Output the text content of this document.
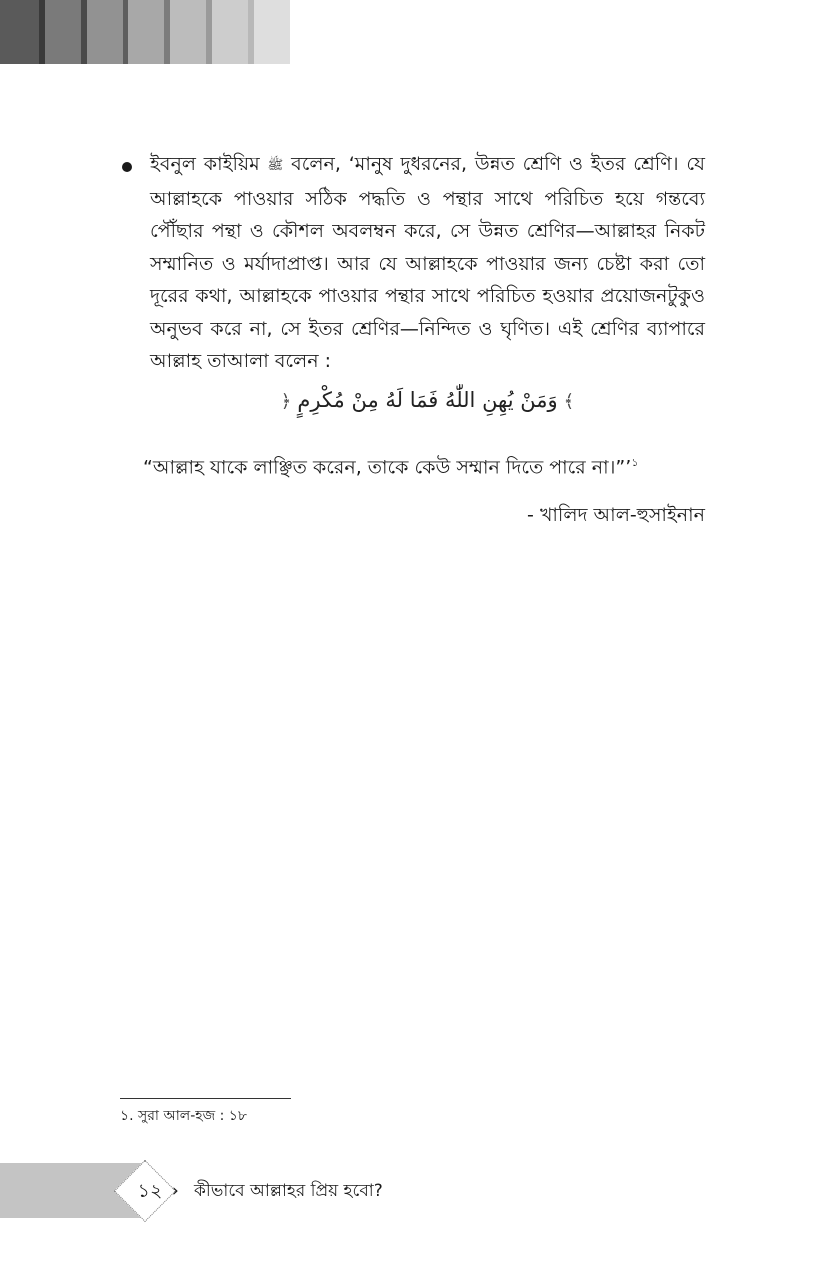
ইবনুল কাইয়িম ﷺ বলেন, ‘মানুষ দুধরনের, উন্নত শ্রেণি ও ইতর শ্রেণি। যে আল্লাহকে পাওয়ার সঠিক পদ্ধতি ও পন্থার সাথে পরিচিত হয়ে গন্তব্যে পৌঁছার পন্থা ও কৌশল অবলম্বন করে, সে উন্নত শ্রেণির—আল্লাহর নিকট সম্মানিত ও মর্যাদাপ্রাপ্ত। আর যে আল্লাহকে পাওয়ার জন্য চেষ্টা করা তো দূরের কথা, আল্লাহকে পাওয়ার পন্থার সাথে পরিচিত হওয়ার প্রয়োজনটুকুও অনুভব করে না, সে ইতর শ্রেণির—নিন্দিত ও ঘৃণিত। এই শ্রেণির ব্যাপারে আল্লাহ তাআলা বলেন :

﴾وَمَنْ يُهِنِ اللّٰهُ فَمَا لَهُ مِنْ مُكْرِمٍ﴿
“আল্লাহ যাকে লাঞ্ছিত করেন, তাকে কেউ সম্মান দিতে পারে না।”’$^১$
- খালিদ আল-হুসাইনান
১. সুরা আল-হজ : ১৮
১২ › কীভাবে আল্লাহর প্রিয় হবো?
